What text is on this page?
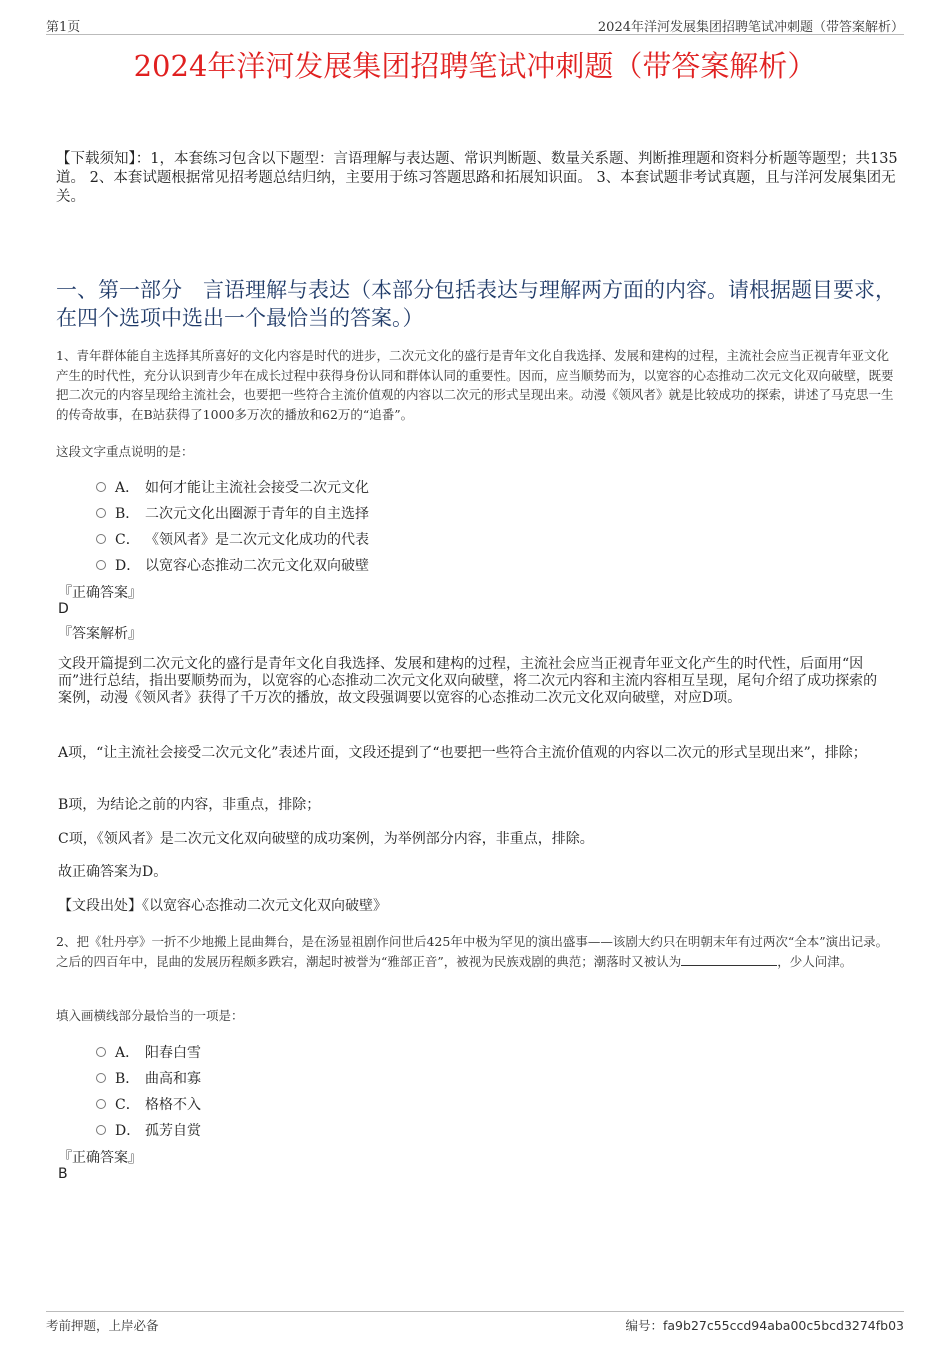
第1页	2024年洋河发展集团招聘笔试冲刺题（带答案解析）
2024年洋河发展集团招聘笔试冲刺题（带答案解析）
【下载须知】：1，本套练习包含以下题型：言语理解与表达题、常识判断题、数量关系题、判断推理题和资料分析题等题型；共135道。 2、本套试题根据常见招考题总结归纳，主要用于练习答题思路和拓展知识面。 3、本套试题非考试真题，且与洋河发展集团无关。
一、第一部分　言语理解与表达（本部分包括表达与理解两方面的内容。请根据题目要求，在四个选项中选出一个最恰当的答案。）
1、青年群体能自主选择其所喜好的文化内容是时代的进步，二次元文化的盛行是青年文化自我选择、发展和建构的过程，主流社会应当正视青年亚文化产生的时代性，充分认识到青少年在成长过程中获得身份认同和群体认同的重要性。因而，应当顺势而为，以宽容的心态推动二次元文化双向破壁，既要把二次元的内容呈现给主流社会，也要把一些符合主流价值观的内容以二次元的形式呈现出来。动漫《领风者》就是比较成功的探索，讲述了马克思一生的传奇故事，在B站获得了1000多万次的播放和62万的“追番”。
这段文字重点说明的是：
A． 如何才能让主流社会接受二次元文化
B． 二次元文化出圈源于青年的自主选择
C． 《领风者》是二次元文化成功的代表
D． 以宽容心态推动二次元文化双向破壁
『正确答案』
D
『答案解析』
文段开篇提到二次元文化的盛行是青年文化自我选择、发展和建构的过程，主流社会应当正视青年亚文化产生的时代性，后面用“因而”进行总结，指出要顺势而为，以宽容的心态推动二次元文化双向破壁，将二次元内容和主流内容相互呈现，尾句介绍了成功探索的案例，动漫《领风者》获得了千万次的播放，故文段强调要以宽容的心态推动二次元文化双向破壁，对应D项。
A项，“让主流社会接受二次元文化”表述片面，文段还提到了“也要把一些符合主流价值观的内容以二次元的形式呈现出来”，排除；
B项，为结论之前的内容，非重点，排除；
C项，《领风者》是二次元文化双向破壁的成功案例，为举例部分内容，非重点，排除。
故正确答案为D。
【文段出处】《以宽容心态推动二次元文化双向破壁》
2、把《牡丹亭》一折不少地搬上昆曲舞台，是在汤显祖剧作问世后425年中极为罕见的演出盛事——该剧大约只在明朝末年有过两次“全本”演出记录。之后的四百年中，昆曲的发展历程颇多跌宕，潮起时被誉为“雅部正音”，被视为民族戏剧的典范；潮落时又被认为	，少人问津。
填入画横线部分最恰当的一项是：
A． 阳春白雪
B． 曲高和寡
C． 格格不入
D． 孤芳自赏
『正确答案』
B
考前押题，上岸必备	编号：fa9b27c55ccd94aba00c5bcd3274fb03
